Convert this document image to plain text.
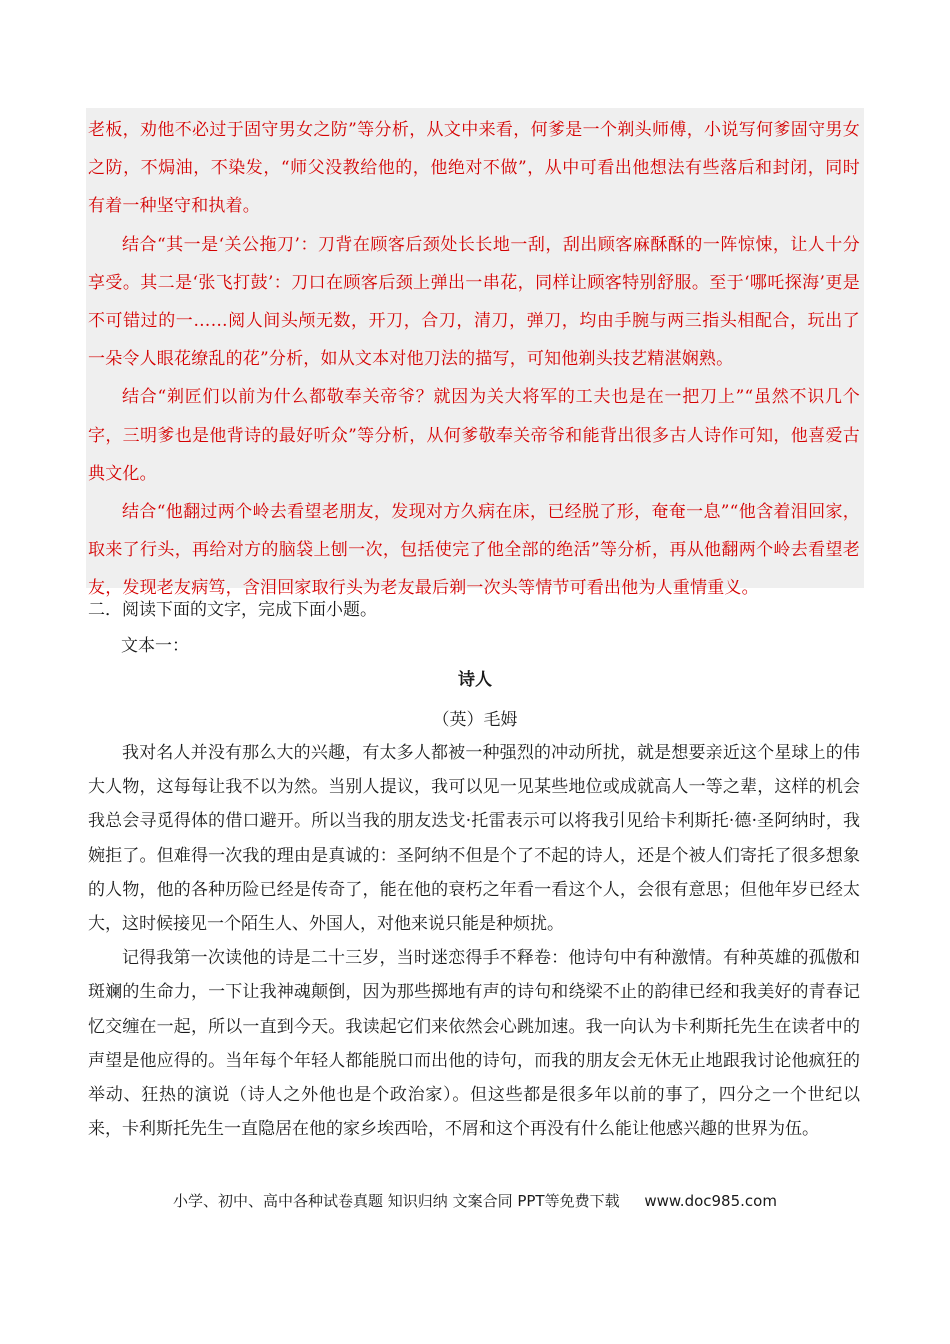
老板，劝他不必过于固守男女之防”等分析，从文中来看，何爹是一个剃头师傅，小说写何爹固守男女之防，不焗油，不染发，“师父没教给他的，他绝对不做”，从中可看出他想法有些落后和封闭，同时有着一种坚守和执着。

结合“其一是‘关公拖刀’：刀背在顾客后颈处长长地一刮，刮出顾客麻酥酥的一阵惊悚，让人十分享受。其二是‘张飞打鼓’：刀口在顾客后颈上弹出一串花，同样让顾客特别舒服。至于‘哪吒探海’更是不可错过的一……阅人间头颅无数，开刀，合刀，清刀，弹刀，均由手腕与两三指头相配合，玩出了一朵令人眼花缭乱的花”分析，如从文本对他刀法的描写，可知他剃头技艺精湛娴熟。

结合“剃匠们以前为什么都敬奉关帝爷？就因为关大将军的工夫也是在一把刀上”“虽然不识几个字，三明爹也是他背诗的最好听众”等分析，从何爹敬奉关帝爷和能背出很多古人诗作可知，他喜爱古典文化。

结合“他翻过两个岭去看望老朋友，发现对方久病在床，已经脱了形，奄奄一息”“他含着泪回家，取来了行头，再给对方的脑袋上刨一次，包括使完了他全部的绝活”等分析，再从他翻两个岭去看望老友，发现老友病笃，含泪回家取行头为老友最后剃一次头等情节可看出他为人重情重义。

二．阅读下面的文字，完成下面小题。
文本一：
诗人
（英）毛姆

我对名人并没有那么大的兴趣，有太多人都被一种强烈的冲动所扰，就是想要亲近这个星球上的伟大人物，这每每让我不以为然。当别人提议，我可以见一见某些地位或成就高人一等之辈，这样的机会我总会寻觅得体的借口避开。所以当我的朋友迭戈·托雷表示可以将我引见给卡利斯托·德·圣阿纳时，我婉拒了。但难得一次我的理由是真诚的：圣阿纳不但是个了不起的诗人，还是个被人们寄托了很多想象的人物，他的各种历险已经是传奇了，能在他的衰朽之年看一看这个人，会很有意思；但他年岁已经太大，这时候接见一个陌生人、外国人，对他来说只能是种烦扰。

记得我第一次读他的诗是二十三岁，当时迷恋得手不释卷：他诗句中有种激情。有种英雄的孤傲和斑斓的生命力，一下让我神魂颠倒，因为那些掷地有声的诗句和绕梁不止的韵律已经和我美好的青春记忆交缠在一起，所以一直到今天。我读起它们来依然会心跳加速。我一向认为卡利斯托先生在读者中的声望是他应得的。当年每个年轻人都能脱口而出他的诗句，而我的朋友会无休无止地跟我讨论他疯狂的举动、狂热的演说（诗人之外他也是个政治家）。但这些都是很多年以前的事了，四分之一个世纪以来，卡利斯托先生一直隐居在他的家乡埃西哈，不屑和这个再没有什么能让他感兴趣的世界为伍。

小学、初中、高中各种试卷真题 知识归纳 文案合同 PPT等免费下载 www.doc985.com
